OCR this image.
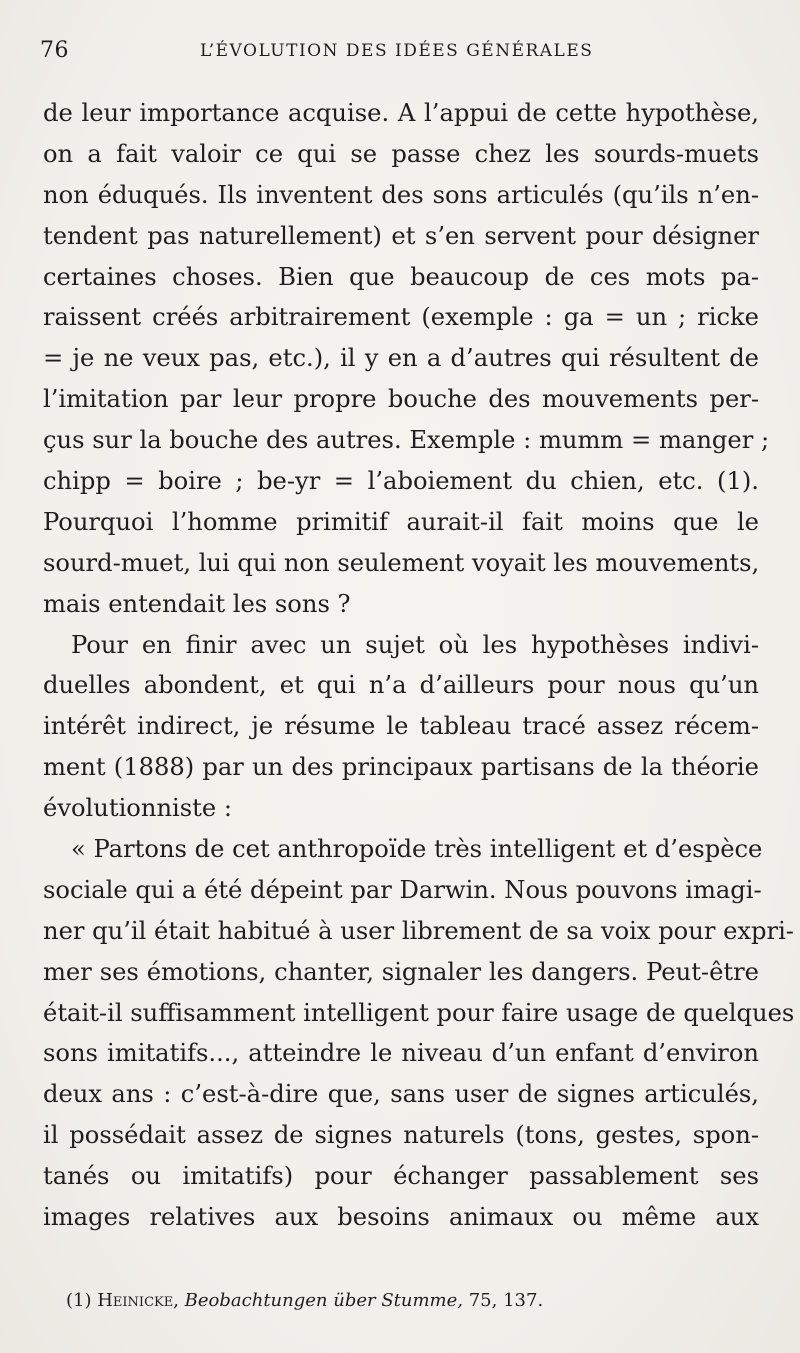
76	L’ÉVOLUTION DES IDÉES GÉNÉRALES
de leur importance acquise. A l’appui de cette hypothèse,
on a fait valoir ce qui se passe chez les sourds-muets
non éduqués. Ils inventent des sons articulés (qu’ils n’en-
tendent pas naturellement) et s’en servent pour désigner
certaines choses. Bien que beaucoup de ces mots pa-
raissent créés arbitrairement (exemple : ga = un ; ricke
= je ne veux pas, etc.), il y en a d’autres qui résultent de
l’imitation par leur propre bouche des mouvements per-
çus sur la bouche des autres. Exemple : mumm = manger ;
chipp = boire ; be-yr = l’aboiement du chien, etc. (1).
Pourquoi l’homme primitif aurait-il fait moins que le
sourd-muet, lui qui non seulement voyait les mouvements,
mais entendait les sons ?
Pour en finir avec un sujet où les hypothèses indivi-
duelles abondent, et qui n’a d’ailleurs pour nous qu’un
intérêt indirect, je résume le tableau tracé assez récem-
ment (1888) par un des principaux partisans de la théorie
évolutionniste :
« Partons de cet anthropoïde très intelligent et d’espèce
sociale qui a été dépeint par Darwin. Nous pouvons imagi-
ner qu’il était habitué à user librement de sa voix pour expri-
mer ses émotions, chanter, signaler les dangers. Peut-être
était-il suffisamment intelligent pour faire usage de quelques
sons imitatifs..., atteindre le niveau d’un enfant d’environ
deux ans : c’est-à-dire que, sans user de signes articulés,
il possédait assez de signes naturels (tons, gestes, spon-
tanés ou imitatifs) pour échanger passablement ses
images relatives aux besoins animaux ou même aux
(1) Heinicke, Beobachtungen über Stumme, 75, 137.
